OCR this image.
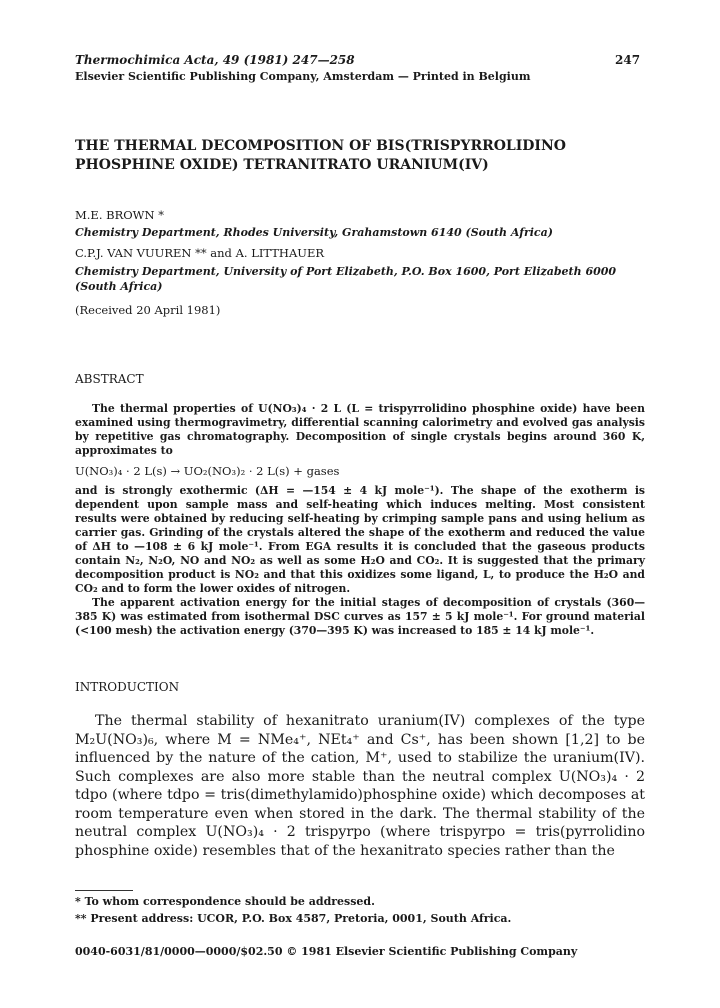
Thermochimica Acta, 49 (1981) 247—258	247
Elsevier Scientific Publishing Company, Amsterdam — Printed in Belgium
THE THERMAL DECOMPOSITION OF BIS(TRISPYRROLIDINO
PHOSPHINE OXIDE) TETRANITRATO URANIUM(IV)
M.E. BROWN *
Chemistry Department, Rhodes University, Grahamstown 6140 (South Africa)
C.P.J. VAN VUUREN ** and A. LITTHAUER
Chemistry Department, University of Port Elizabeth, P.O. Box 1600, Port Elizabeth 6000 (South Africa)
(Received 20 April 1981)
ABSTRACT

The thermal properties of U(NO₃)₄ · 2 L (L = trispyrrolidino phosphine oxide) have been examined using thermogravimetry, differential scanning calorimetry and evolved gas analysis by repetitive gas chromatography. Decomposition of single crystals begins around 360 K, approximates to

U(NO₃)₄ · 2 L(s) → UO₂(NO₃)₂ · 2 L(s) + gases

and is strongly exothermic (ΔH = —154 ± 4 kJ mole⁻¹). The shape of the exotherm is dependent upon sample mass and self-heating which induces melting. Most consistent results were obtained by reducing self-heating by crimping sample pans and using helium as carrier gas. Grinding of the crystals altered the shape of the exotherm and reduced the value of ΔH to —108 ± 6 kJ mole⁻¹. From EGA results it is concluded that the gaseous products contain N₂, N₂O, NO and NO₂ as well as some H₂O and CO₂. It is suggested that the primary decomposition product is NO₂ and that this oxidizes some ligand, L, to produce the H₂O and CO₂ and to form the lower oxides of nitrogen.

The apparent activation energy for the initial stages of decomposition of crystals (360—385 K) was estimated from isothermal DSC curves as 157 ± 5 kJ mole⁻¹. For ground material (<100 mesh) the activation energy (370—395 K) was increased to 185 ± 14 kJ mole⁻¹.

INTRODUCTION

The thermal stability of hexanitrato uranium(IV) complexes of the type M₂U(NO₃)₆, where M = NMe₄⁺, NEt₄⁺ and Cs⁺, has been shown [1,2] to be influenced by the nature of the cation, M⁺, used to stabilize the uranium(IV). Such complexes are also more stable than the neutral complex U(NO₃)₄ · 2 tdpo (where tdpo = tris(dimethylamido)phosphine oxide) which decomposes at room temperature even when stored in the dark. The thermal stability of the neutral complex U(NO₃)₄ · 2 trispyrpo (where trispyrpo = tris(pyrrolidino phosphine oxide) resembles that of the hexanitrato species rather than the

* To whom correspondence should be addressed.
** Present address: UCOR, P.O. Box 4587, Pretoria, 0001, South Africa.
0040-6031/81/0000—0000/$02.50 © 1981 Elsevier Scientific Publishing Company
